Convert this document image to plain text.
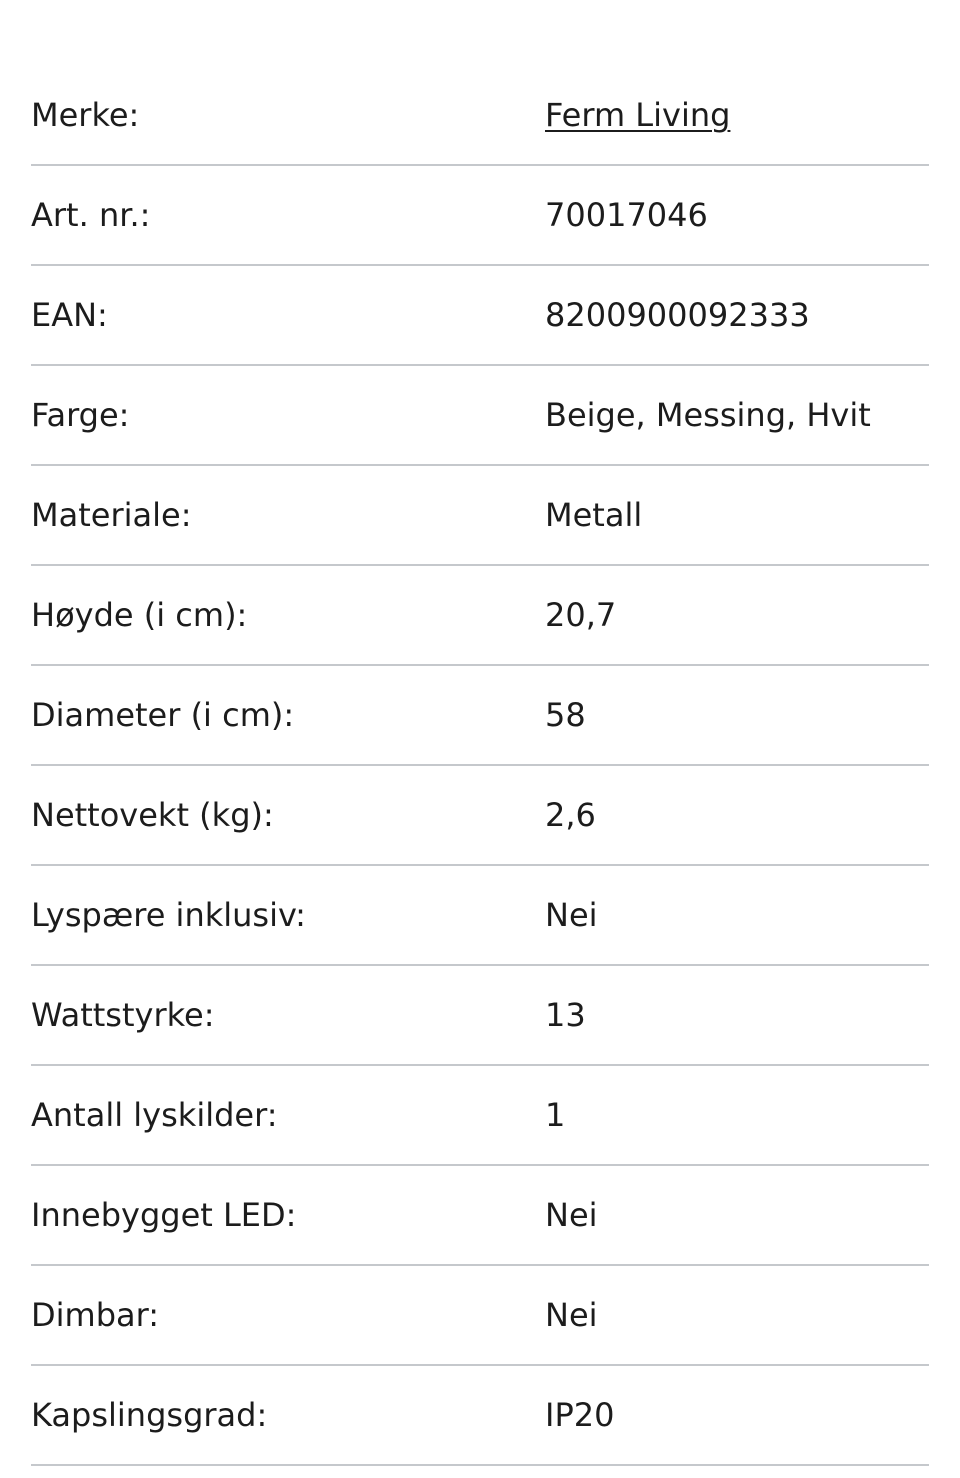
Merke:	Ferm Living
Art. nr.:	70017046
EAN:	8200900092333
Farge:	Beige, Messing, Hvit
Materiale:	Metall
Høyde (i cm):	20,7
Diameter (i cm):	58
Nettovekt (kg):	2,6
Lyspære inklusiv:	Nei
Wattstyrke:	13
Antall lyskilder:	1
Innebygget LED:	Nei
Dimbar:	Nei
Kapslingsgrad:	IP20
